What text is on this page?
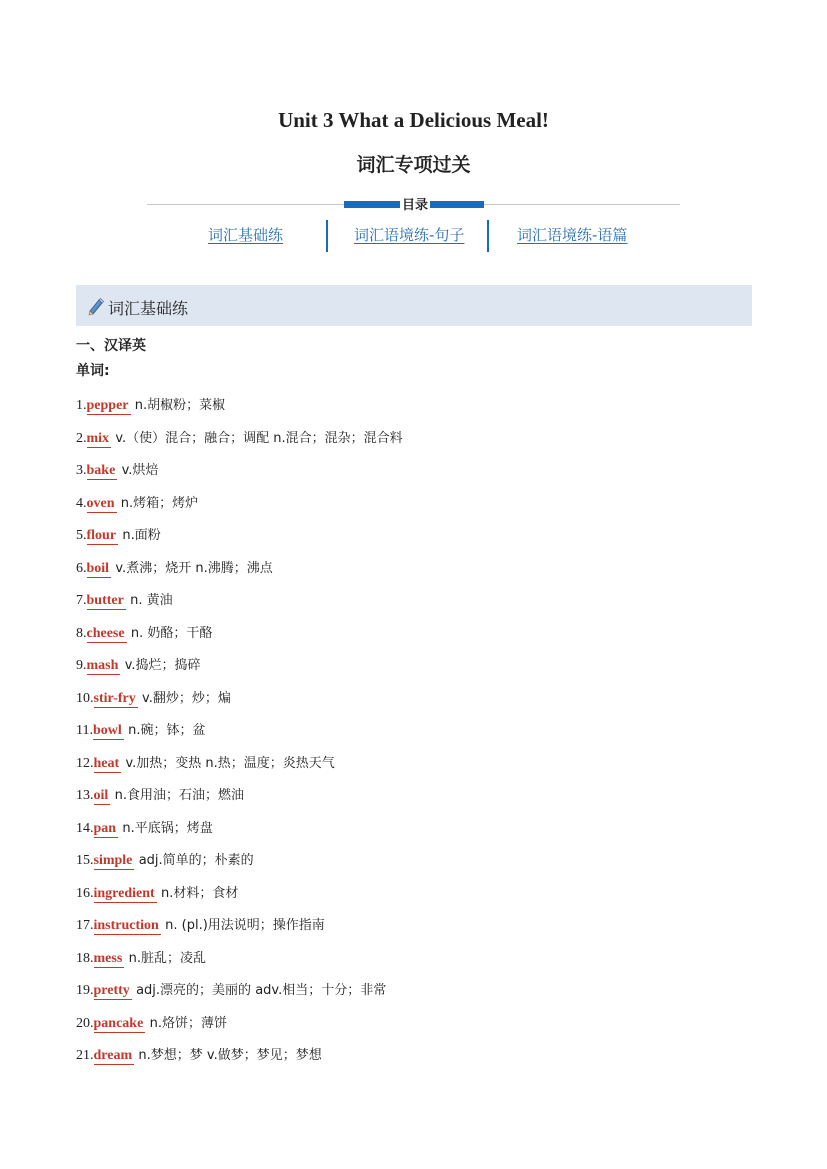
Unit 3 What a Delicious Meal!
词汇专项过关
目录
词汇基础练	词汇语境练-句子	词汇语境练-语篇
词汇基础练
一、汉译英
单词:
1.pepper n.胡椒粉；菜椒
2.mix v.（使）混合；融合；调配 n.混合；混杂；混合料
3.bake v.烘焙
4.oven n.烤箱；烤炉
5.flour n.面粉
6.boil v.煮沸；烧开 n.沸腾；沸点
7.butter n. 黄油
8.cheese n. 奶酪；干酪
9.mash v.捣烂；捣碎
10.stir-fry v.翻炒；炒；煸
11.bowl n.碗；钵；盆
12.heat v.加热；变热 n.热；温度；炎热天气
13.oil n.食用油；石油；燃油
14.pan n.平底锅；烤盘
15.simple adj.简单的；朴素的
16.ingredient n.材料；食材
17.instruction n. (pl.)用法说明；操作指南
18.mess n.脏乱；凌乱
19.pretty adj.漂亮的；美丽的 adv.相当；十分；非常
20.pancake n.烙饼；薄饼
21.dream n.梦想；梦 v.做梦；梦见；梦想
